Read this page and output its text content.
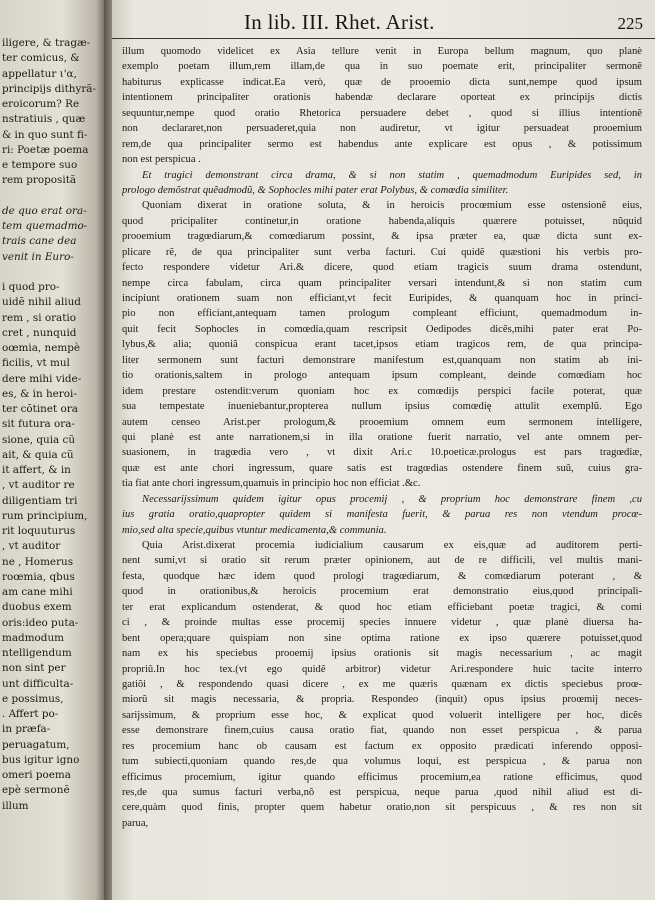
iligere, & tragæ-
ter comicus, &
appellatur ι'α,
principijs dithyrã-
eroicorum? Re
nstratiuis , quæ
& in quo sunt fi-
ri: Poetæ poema
e tempore suo
rem propositã
de quo erat ora-
tem quemadmo-
trais cane dea
venit in Euro-
i quod pro-
uidẽ nihil aliud
rem , si oratio
cret , nunquid
oœmia, nempè
ficilis, vt mul
dere mihi vide-
es, & in heroi-
ter cõtinet ora
sit futura ora-
sione, quia cũ
ait, & quia cũ
it affert, & in
, vt auditor re
diligentiam tri
rum principium,
rit loquuturus
, vt auditor
ne , Homerus
roœmia, qbus
am cane mihi
duobus exem
oris:ideo puta-
madmodum
ntelligendum
non sint per
unt difficulta-
e possimus,
. Affert po-
in præfa-
peruagatum,
bus igitur igno
omeri poema
epè sermonẽ
illum
In lib. III. Rhet. Arist.	225
illum quomodo videlicet ex Asia tellure venit in Europa bellum magnum, quo planè
exemplo poetam illum,rem illam,de qua in suo poemate erit, principaliter sermonẽ
habiturus explicasse indicat.Ea verò, quæ de prooemio dicta sunt,nempe quod ipsum
intentionem principaliter orationis habendæ declarare oporteat ex principijs dictis
sequuntur,nempe quod oratio Rhetorica persuadere debet , quod si illius intentionẽ
non declararet,non persuaderet,quia non audiretur, vt igitur persuadeat prooemium
rem,de qua principaliter sermo est habendus ante explicare est opus , & potissimum
non est perspicua .
Et tragici demonstrant circa drama, & si non statim , quemadmodum Euripides sed, in
prologo demõstrat quẽadmodũ, & Sophocles mihi pater erat Polybus, & comœdia similiter.
Quoniam dixerat in oratione soluta, & in heroicis procœmium esse ostensionẽ eius,
quod pricipaliter continetur,in oratione habenda,aliquis quærere potuisset, nũquid
prooemium tragœdiarum,& comœdiarum possint, & ipsa præter ea, quæ dicta sunt ex-
plicare rẽ, de qua principaliter sunt verba facturi. Cui quidẽ quæstioni his verbis pro-
fecto respondere videtur Ari.& dicere, quod etiam tragicis suum drama ostendunt,
nempe circa fabulam, circa quam principaliter versari intendunt,& si non statim cum
incipiunt orationem suam non efficiant,vt fecit Euripides, & quanquam hoc in princi-
pio non efficiant,antequam tamen prologum compleant efficiunt, quemadmodum in-
quit fecit Sophocles in comœdia,quam rescripsit Oedipodes dicẽs,mihi pater erat Po-
lybus,& alia; quoniã conspicua erant tacet,ipsos etiam tragicos rem, de qua principa-
liter sermonem sunt facturi demonstrare manifestum est,quanquam non statim ab ini-
tio orationis,saltem in prologo antequam ipsum compleant, deinde comœdiam hoc
idem prestare ostendit:verum quoniam hoc ex comœdijs perspici facile poterat, quæ
sua tempestate inueniebantur,propterea nullum ipsius comœdię attulit exemplũ. Ego
autem censeo Arist.per prologum,& prooemium omnem eum sermonem intelligere,
qui planè est ante narrationem,si in illa oratione fuerit narratio, vel ante omnem per-
suasionem, in tragœdia vero , vt dixit Ari.c 10.poeticæ.prologus est pars tragœdiæ,
quæ est ante chori ingressum, quare satis est tragœdias ostendere finem suũ, cuius gra-
tia fiat ante chori ingressum,quamuis in principio hoc non efficiat .&c.
Necessarijssimum quidem igitur opus procemij , & proprium hoc demonstrare finem ,cu
ius gratia oratio,quapropter quidem si manifesta fuerit, & parua res non vtendum procœ-
mio,sed alta specie,quibus vtuntur medicamenta,& communia.
Quia Arist.dixerat procemia iudicialium causarum ex eis,quæ ad auditorem perti-
nent sumi,vt si oratio sit rerum præter opinionem, aut de re difficili, vel multis mani-
festa, quodque hæc idem quod prologi tragœdiarum, & comœdiarum poterant , &
quod in orationibus,& heroicis procemium erat demonstratio eius,quod principali-
ter erat explicandum ostenderat, & quod hoc etiam efficiebant poetæ tragici, & comi
ci , & proinde multas esse procemij species innuere videtur , quæ planè diuersa ha-
bent opera;quare quispiam non sine optima ratione ex ipso quærere potuisset,quod
nam ex his speciebus prooemij ipsius orationis sit magis necessarium , ac magit
propriũ.In hoc tex.(vt ego quidẽ arbitror) videtur Ari.respondere huic tacite interro
gatiõi , & respondendo quasi dicere , ex me quæris quænam ex dictis speciebus proœ-
miorũ sit magis necessaria, & propria. Respondeo (inquit) opus ipsius proœmij neces-
sarijssimum, & proprium esse hoc, & explicat quod voluerit intelligere per hoc, dicẽs
esse demonstrare finem,cuius causa oratio fiat, quando non esset perspicua , & parua
res procemium hanc ob causam est factum ex opposito prædicati inferendo opposi-
tum subiecti,quoniam quando res,de qua volumus loqui, est perspicua , & parua non
efficimus procemium, igitur quando efficimus procemium,ea ratione efficimus, quod
res,de qua sumus facturi verba,nõ est perspicua, neque parua ,quod nihil aliud est di-
cere,quàm quod finis, propter quem habetur oratio,non sit perspicuus , & res non sit
parua,
